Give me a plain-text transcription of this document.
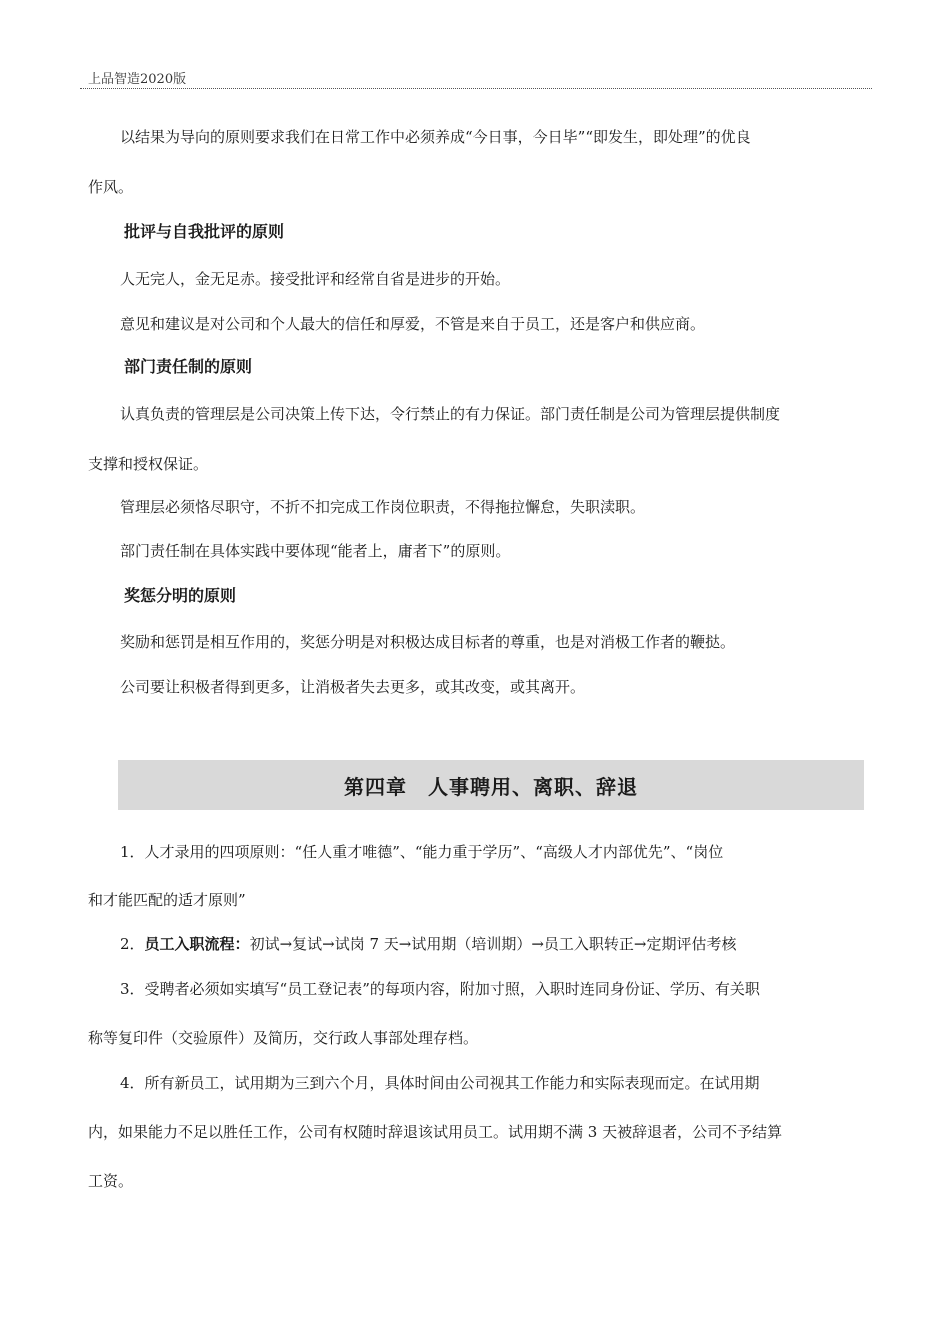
上品智造2020版
以结果为导向的原则要求我们在日常工作中必须养成“今日事，今日毕”“即发生，即处理”的优良
作风。
批评与自我批评的原则
人无完人，金无足赤。接受批评和经常自省是进步的开始。
意见和建议是对公司和个人最大的信任和厚爱，不管是来自于员工，还是客户和供应商。
部门责任制的原则
认真负责的管理层是公司决策上传下达，令行禁止的有力保证。部门责任制是公司为管理层提供制度
支撑和授权保证。
管理层必须恪尽职守，不折不扣完成工作岗位职责，不得拖拉懈怠，失职渎职。
部门责任制在具体实践中要体现“能者上，庸者下”的原则。
奖惩分明的原则
奖励和惩罚是相互作用的，奖惩分明是对积极达成目标者的尊重，也是对消极工作者的鞭挞。
公司要让积极者得到更多，让消极者失去更多，或其改变，或其离开。
第四章　人事聘用、离职、辞退
1．人才录用的四项原则：“任人重才唯德”、“能力重于学历”、“高级人才内部优先”、“岗位
和才能匹配的适才原则”
2．员工入职流程：初试→复试→试岗 7 天→试用期（培训期）→员工入职转正→定期评估考核
3．受聘者必须如实填写“员工登记表”的每项内容，附加寸照，入职时连同身份证、学历、有关职
称等复印件（交验原件）及简历，交行政人事部处理存档。
4．所有新员工，试用期为三到六个月，具体时间由公司视其工作能力和实际表现而定。在试用期
内，如果能力不足以胜任工作，公司有权随时辞退该试用员工。试用期不满 3 天被辞退者，公司不予结算
工资。
